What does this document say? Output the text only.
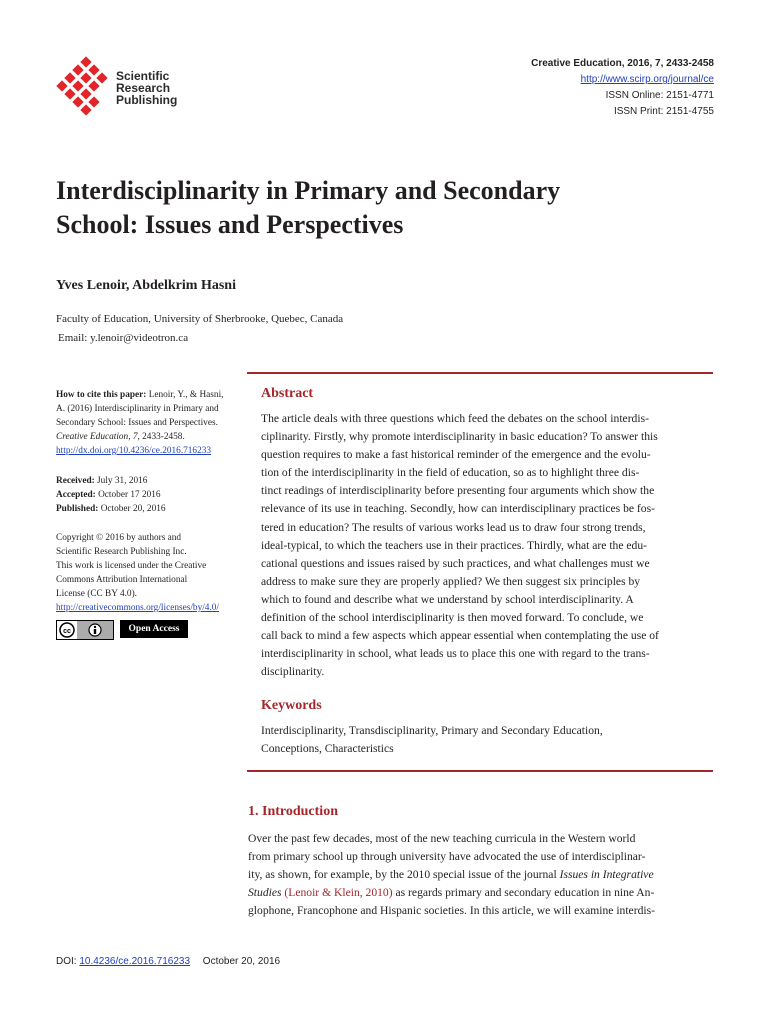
Scientific
Research
Publishing
Creative Education, 2016, 7, 2433-2458
http://www.scirp.org/journal/ce
ISSN Online: 2151-4771
ISSN Print: 2151-4755
Interdisciplinarity in Primary and Secondary
School: Issues and Perspectives
Yves Lenoir, Abdelkrim Hasni
Faculty of Education, University of Sherbrooke, Quebec, Canada
Email: y.lenoir@videotron.ca
How to cite this paper: Lenoir, Y., & Hasni,
A. (2016) Interdisciplinarity in Primary and
Secondary School: Issues and Perspectives.
Creative Education, 7, 2433-2458.
http://dx.doi.org/10.4236/ce.2016.716233
Received: July 31, 2016
Accepted: October 17 2016
Published: October 20, 2016
Copyright © 2016 by authors and
Scientific Research Publishing Inc.
This work is licensed under the Creative
Commons Attribution International
License (CC BY 4.0).
http://creativecommons.org/licenses/by/4.0/
cc	Open Access
Abstract
The article deals with three questions which feed the debates on the school interdis-
ciplinarity. Firstly, why promote interdisciplinarity in basic education? To answer this
question requires to make a fast historical reminder of the emergence and the evolu-
tion of the interdisciplinarity in the field of education, so as to highlight three dis-
tinct readings of interdisciplinarity before presenting four arguments which show the
relevance of its use in teaching. Secondly, how can interdisciplinary practices be fos-
tered in education? The results of various works lead us to draw four strong trends,
ideal-typical, to which the teachers use in their practices. Thirdly, what are the edu-
cational questions and issues raised by such practices, and what challenges must we
address to make sure they are properly applied? We then suggest six principles by
which to found and describe what we understand by school interdisciplinarity. A
definition of the school interdisciplinarity is then moved forward. To conclude, we
call back to mind a few aspects which appear essential when contemplating the use of
interdisciplinarity in school, what leads us to place this one with regard to the trans-
disciplinarity.
Keywords
Interdisciplinarity, Transdisciplinarity, Primary and Secondary Education,
Conceptions, Characteristics
1. Introduction
Over the past few decades, most of the new teaching curricula in the Western world
from primary school up through university have advocated the use of interdisciplinar-
ity, as shown, for example, by the 2010 special issue of the journal Issues in Integrative
Studies (Lenoir & Klein, 2010) as regards primary and secondary education in nine An-
glophone, Francophone and Hispanic societies. In this article, we will examine interdis-
DOI: 10.4236/ce.2016.716233 October 20, 2016
